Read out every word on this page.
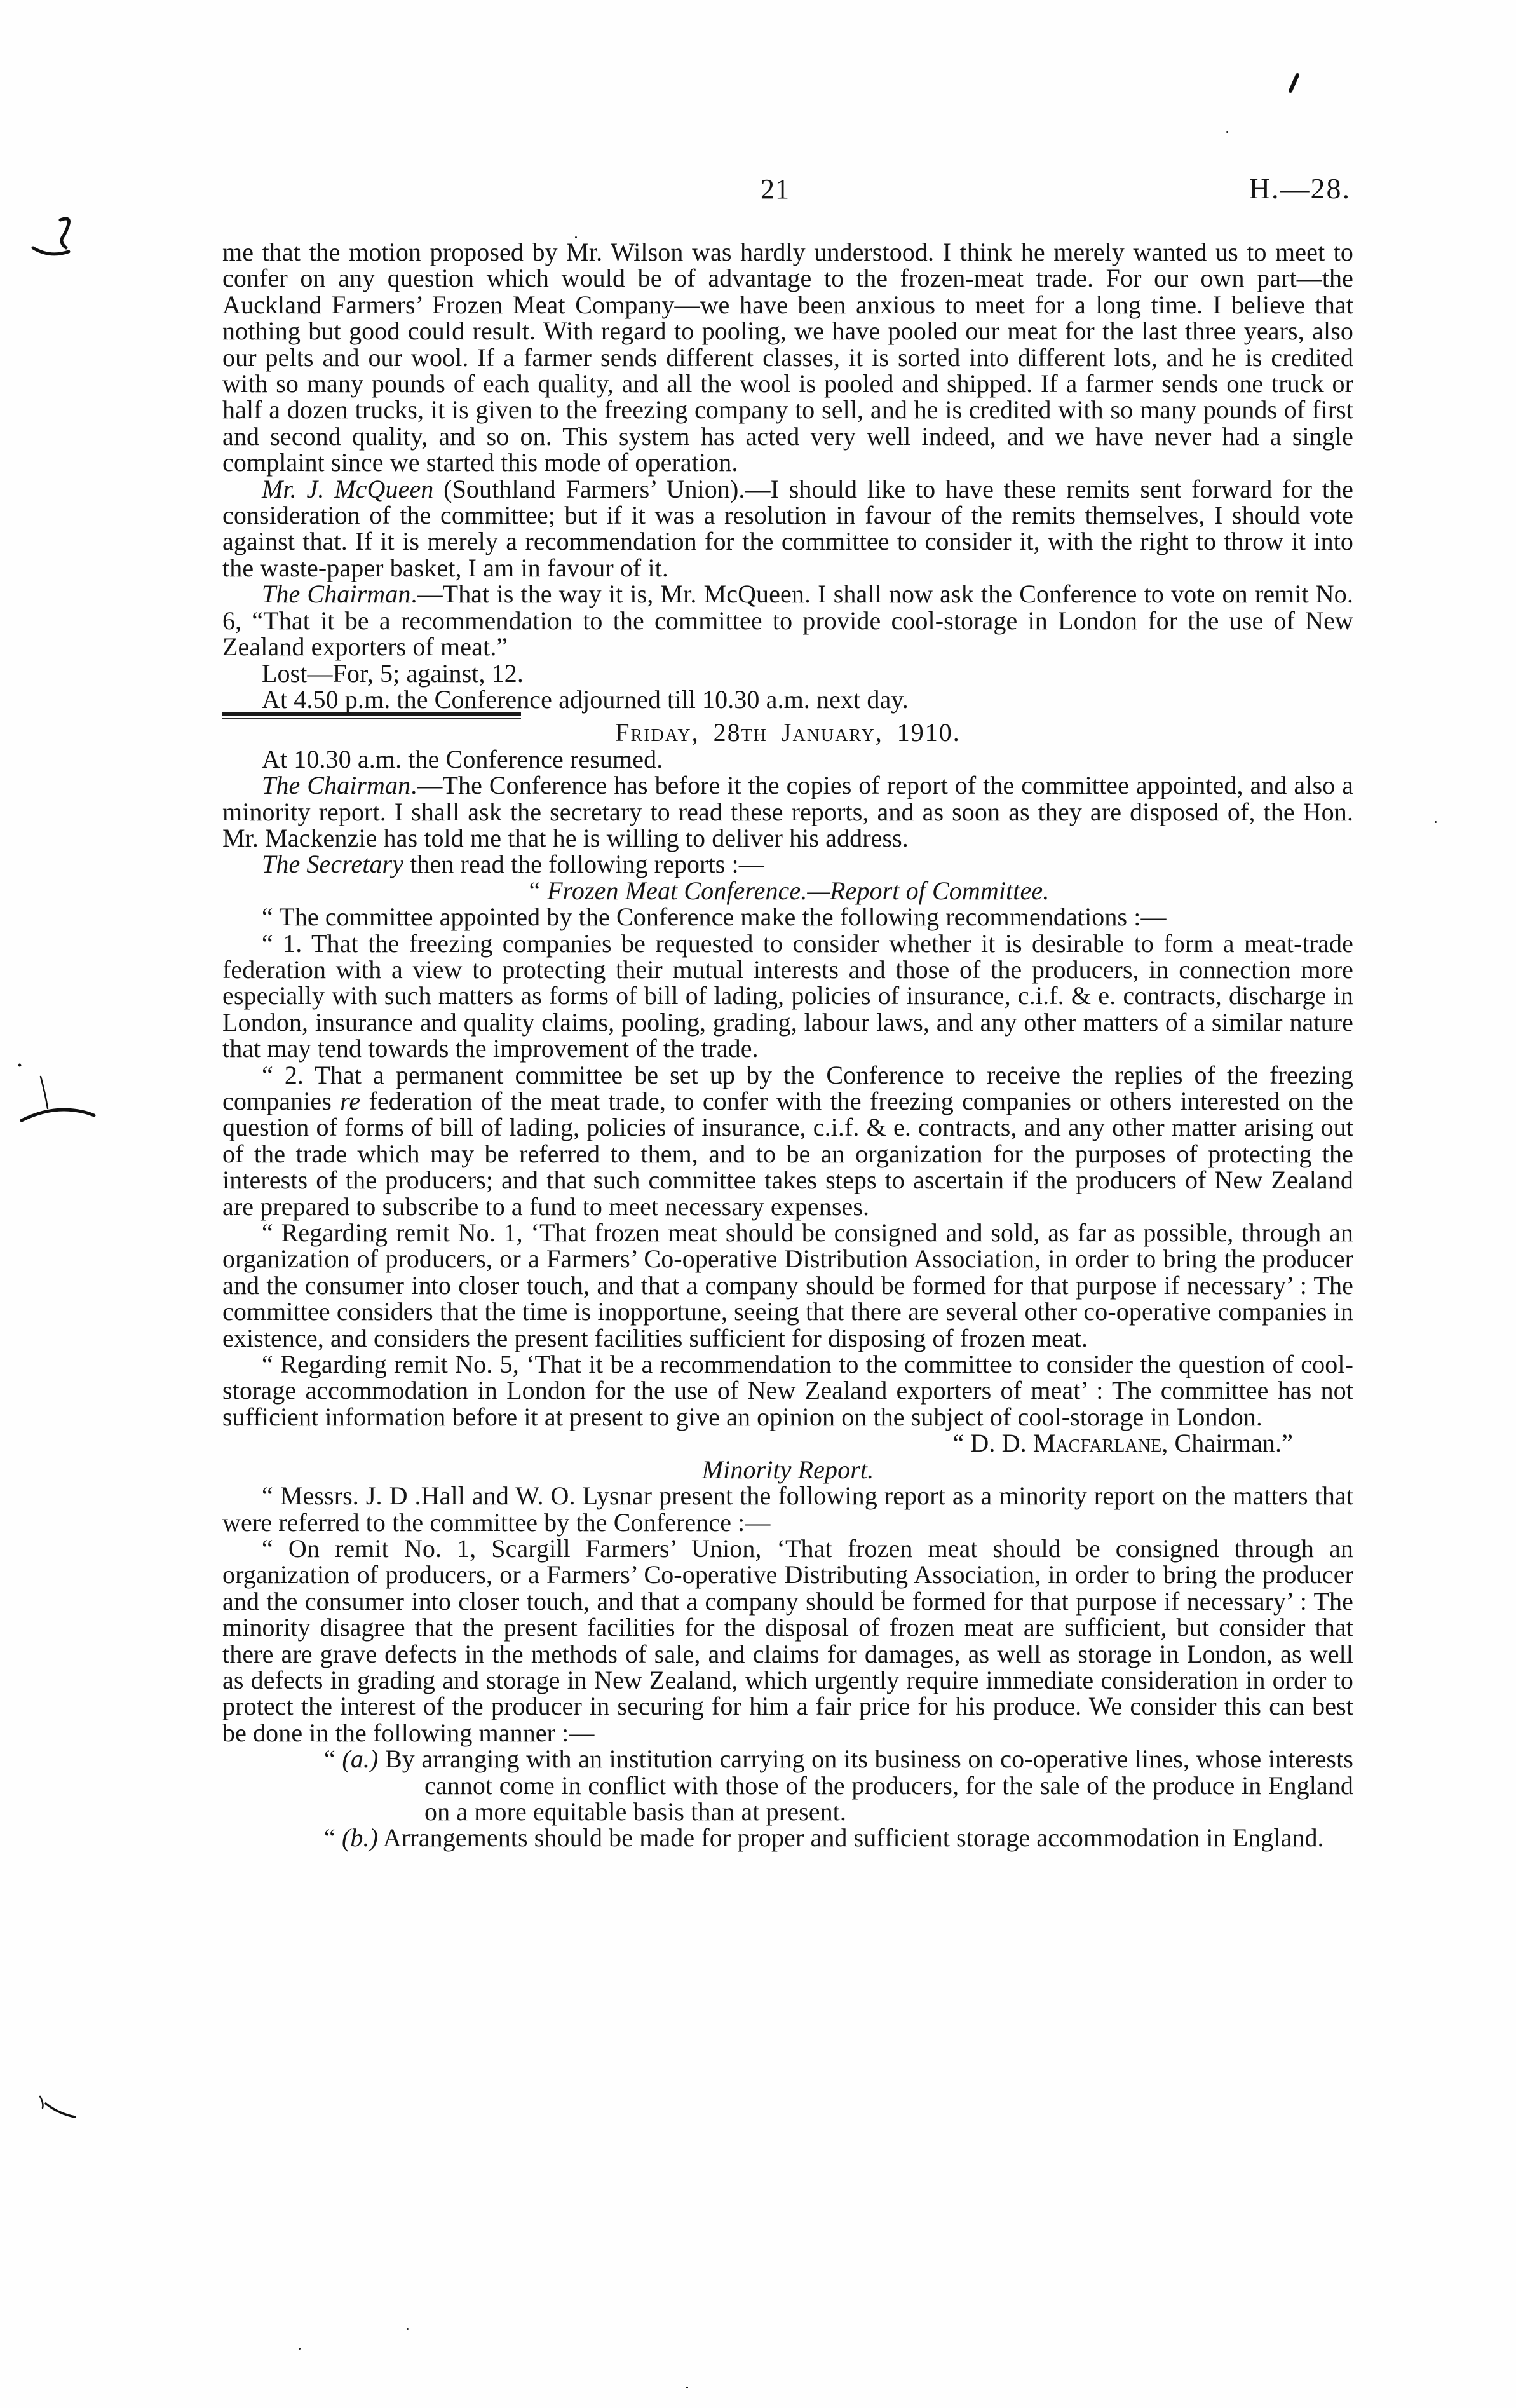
21	H.—28.

me that the motion proposed by Mr. Wilson was hardly understood. I think he merely wanted us to meet to confer on any question which would be of advantage to the frozen-meat trade. For our own part—the Auckland Farmers’ Frozen Meat Company—we have been anxious to meet for a long time. I believe that nothing but good could result. With regard to pooling, we have pooled our meat for the last three years, also our pelts and our wool. If a farmer sends different classes, it is sorted into different lots, and he is credited with so many pounds of each quality, and all the wool is pooled and shipped. If a farmer sends one truck or half a dozen trucks, it is given to the freezing company to sell, and he is credited with so many pounds of first and second quality, and so on. This system has acted very well indeed, and we have never had a single complaint since we started this mode of operation.

Mr. J. McQueen (Southland Farmers’ Union).—I should like to have these remits sent forward for the consideration of the committee; but if it was a resolution in favour of the remits themselves, I should vote against that. If it is merely a recommendation for the committee to consider it, with the right to throw it into the waste-paper basket, I am in favour of it.

The Chairman.—That is the way it is, Mr. McQueen. I shall now ask the Conference to vote on remit No. 6, “That it be a recommendation to the committee to provide cool-storage in London for the use of New Zealand exporters of meat.”

Lost—For, 5; against, 12.

At 4.50 p.m. the Conference adjourned till 10.30 a.m. next day.

Friday, 28th January, 1910.

At 10.30 a.m. the Conference resumed.

The Chairman.—The Conference has before it the copies of report of the committee appointed, and also a minority report. I shall ask the secretary to read these reports, and as soon as they are disposed of, the Hon. Mr. Mackenzie has told me that he is willing to deliver his address.

The Secretary then read the following reports :—

“ Frozen Meat Conference.—Report of Committee.

“ The committee appointed by the Conference make the following recommendations :—

“ 1. That the freezing companies be requested to consider whether it is desirable to form a meat-trade federation with a view to protecting their mutual interests and those of the producers, in connection more especially with such matters as forms of bill of lading, policies of insurance, c.i.f. & e. contracts, discharge in London, insurance and quality claims, pooling, grading, labour laws, and any other matters of a similar nature that may tend towards the improvement of the trade.

“ 2. That a permanent committee be set up by the Conference to receive the replies of the freezing companies re federation of the meat trade, to confer with the freezing companies or others interested on the question of forms of bill of lading, policies of insurance, c.i.f. & e. contracts, and any other matter arising out of the trade which may be referred to them, and to be an organization for the purposes of protecting the interests of the producers; and that such committee takes steps to ascertain if the producers of New Zealand are prepared to subscribe to a fund to meet necessary expenses.

“ Regarding remit No. 1, ‘That frozen meat should be consigned and sold, as far as possible, through an organization of producers, or a Farmers’ Co-operative Distribution Association, in order to bring the producer and the consumer into closer touch, and that a company should be formed for that purpose if necessary’ : The committee considers that the time is inopportune, seeing that there are several other co-operative companies in existence, and considers the present facilities sufficient for disposing of frozen meat.

“ Regarding remit No. 5, ‘That it be a recommendation to the committee to consider the question of cool-storage accommodation in London for the use of New Zealand exporters of meat’ : The committee has not sufficient information before it at present to give an opinion on the subject of cool-storage in London.

“ D. D. Macfarlane, Chairman.”
Minority Report.

“ Messrs. J. D .Hall and W. O. Lysnar present the following report as a minority report on the matters that were referred to the committee by the Conference :—

“ On remit No. 1, Scargill Farmers’ Union, ‘That frozen meat should be consigned through an organization of producers, or a Farmers’ Co-operative Distributing Association, in order to bring the producer and the consumer into closer touch, and that a company should be formed for that purpose if necessary’ : The minority disagree that the present facilities for the disposal of frozen meat are sufficient, but consider that there are grave defects in the methods of sale, and claims for damages, as well as storage in London, as well as defects in grading and storage in New Zealand, which urgently require immediate consideration in order to protect the interest of the producer in securing for him a fair price for his produce. We consider this can best be done in the following manner :—

“ (a.) By arranging with an institution carrying on its business on co-operative lines, whose interests cannot come in conflict with those of the producers, for the sale of the produce in England on a more equitable basis than at present.
“ (b.) Arrangements should be made for proper and sufficient storage accommodation in England.
